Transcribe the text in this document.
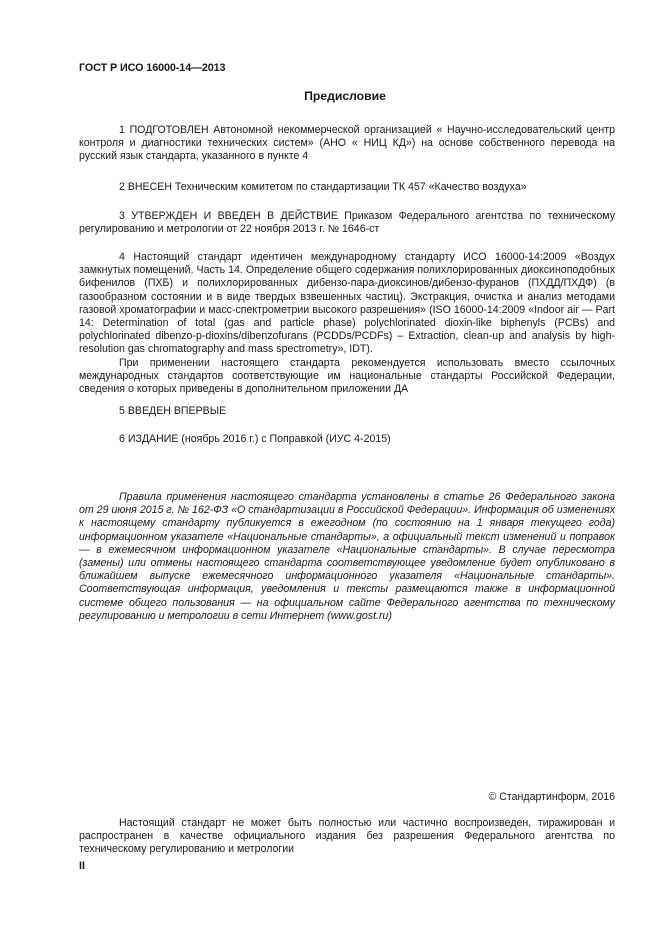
ГОСТ Р ИСО 16000-14—2013
Предисловие

1 ПОДГОТОВЛЕН Автономной некоммерческой организацией « Научно-исследовательский центр контроля и диагностики технических систем» (АНО « НИЦ КД») на основе собственного перевода на русский язык стандарта, указанного в пункте 4

2 ВНЕСЕН Техническим комитетом по стандартизации ТК 457 «Качество воздуха»

3 УТВЕРЖДЕН И ВВЕДЕН В ДЕЙСТВИЕ Приказом Федерального агентства по техническому регулированию и метрологии от 22 ноября 2013 г. № 1646-ст

4 Настоящий стандарт идентичен международному стандарту ИСО 16000-14:2009 «Воздух замкнутых помещений. Часть 14. Определение общего содержания полихлорированных диоксиноподобных бифенилов (ПХБ) и полихлорированных дибензо-пара-диоксинов/дибензо-фуранов (ПХДД/ПХДФ) (в газообразном состоянии и в виде твердых взвешенных частиц). Экстракция, очистка и анализ методами газовой хроматографии и масс-спектрометрии высокого разрешения» (ISO 16000-14:2009 «Indoor air — Part 14: Determination of total (gas and particle phase) polychlorinated dioxin-like biphenyls (PCBs) and polychlorinated dibenzo-p-dioxins/dibenzofurans (PCDDs/PCDFs) – Extraction, clean-up and analysis by high-resolution gas chromatography and mass spectrometry», IDT).

При применении настоящего стандарта рекомендуется использовать вместо ссылочных международных стандартов соответствующие им национальные стандарты Российской Федерации, сведения о которых приведены в дополнительном приложении ДА

5 ВВЕДЕН ВПЕРВЫЕ

6 ИЗДАНИЕ (ноябрь 2016 г.) с Поправкой (ИУС 4-2015)

Правила применения настоящего стандарта установлены в статье 26 Федерального закона от 29 июня 2015 г. № 162-ФЗ «О стандартизации в Российской Федерации». Информация об изменениях к настоящему стандарту публикуется в ежегодном (по состоянию на 1 января текущего года) информационном указателе «Национальные стандарты», а официальный текст изменений и поправок — в ежемесячном информационном указателе «Национальные стандарты». В случае пересмотра (замены) или отмены настоящего стандарта соответствующее уведомление будет опубликовано в ближайшем выпуске ежемесячного информационного указателя «Национальные стандарты». Соответствующая информация, уведомления и тексты размещаются также в информационной системе общего пользования — на официальном сайте Федерального агентства по техническому регулированию и метрологии в сети Интернет (www.gost.ru)

© Стандартинформ, 2016

Настоящий стандарт не может быть полностью или частично воспроизведен, тиражирован и распространен в качестве официального издания без разрешения Федерального агентства по техническому регулированию и метрологии

II
